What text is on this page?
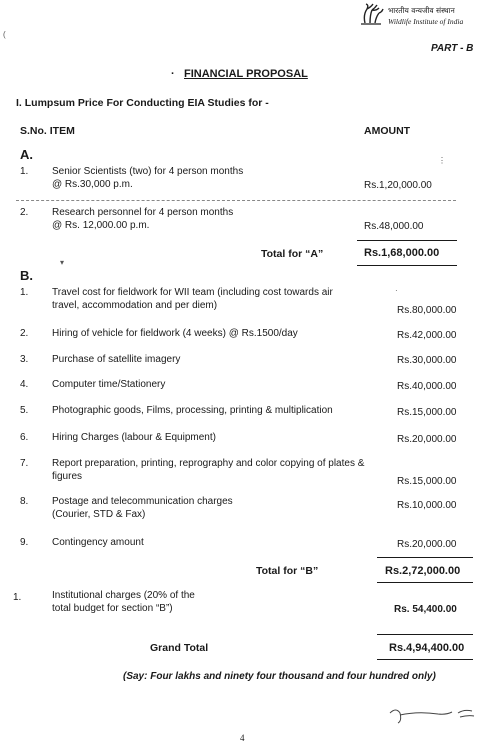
भारतीय वन्यजीव संस्थान
Wildlife Institute of India
(
PART - B
· FINANCIAL PROPOSAL
I. Lumpsum Price For Conducting EIA Studies for -
S.No. ITEM	AMOUNT
A.	⋮
1. Senior Scientists (two) for 4 person months
@ Rs.30,000 p.m.	Rs.1,20,000.00
2. Research personnel for 4 person months
@ Rs. 12,000.00 p.m.	Rs.48,000.00
Total for “A”	Rs.1,68,000.00
▾
B.
1. Travel cost for fieldwork for WII team (including cost towards air travel, accommodation and per diem)	Rs.80,000.00
·
2. Hiring of vehicle for fieldwork (4 weeks) @ Rs.1500/day	Rs.42,000.00
3. Purchase of satellite imagery	Rs.30,000.00
4. Computer time/Stationery	Rs.40,000.00
5. Photographic goods, Films, processing, printing & multiplication	Rs.15,000.00
6. Hiring Charges (labour & Equipment)	Rs.20,000.00
7. Report preparation, printing, reprography and color copying of plates & figures	Rs.15,000.00
8. Postage and telecommunication charges (Courier, STD & Fax)
Rs.10,000.00
9. Contingency amount	Rs.20,000.00
Total for “B”	Rs.2,72,000.00
1.	Institutional charges (20% of the
total budget for section “B”)	Rs. 54,400.00
Grand Total	Rs.4,94,400.00
(Say: Four lakhs and ninety four thousand and four hundred only)
4
